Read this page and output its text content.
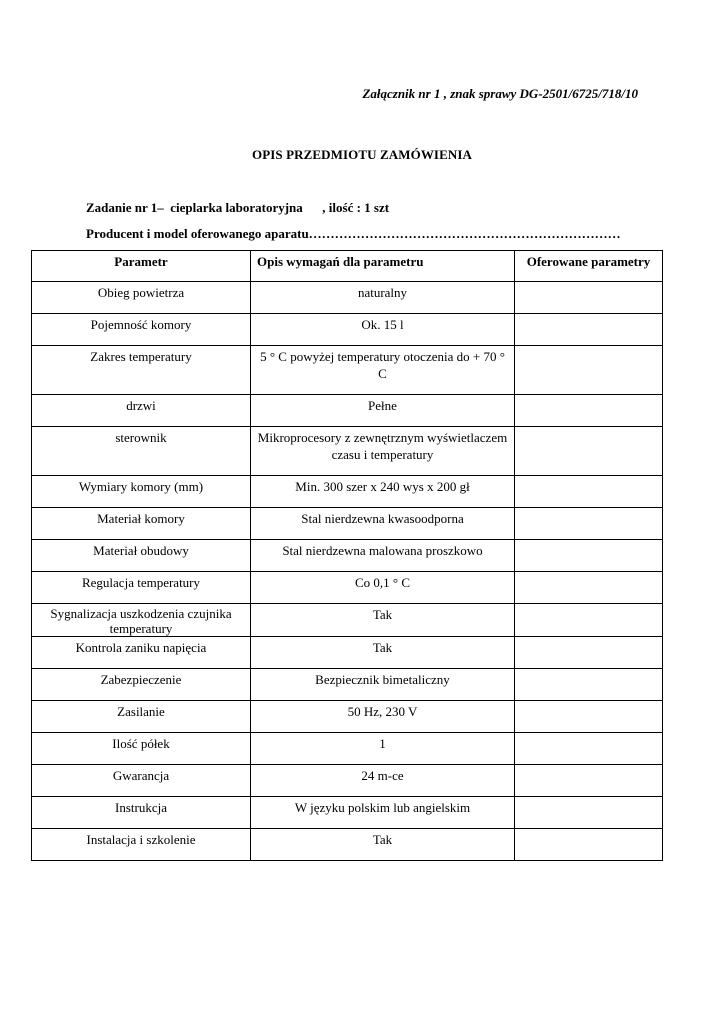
Załącznik nr 1 , znak sprawy DG-2501/6725/718/10
OPIS PRZEDMIOTU ZAMÓWIENIA
Zadanie nr 1–  cieplarka laboratoryjna      , ilość : 1 szt
Producent i model oferowanego aparatu………………………………………………………………
Parametr	Opis wymagań dla parametru	Oferowane parametry
Obieg powietrza	naturalny	
Pojemność komory	Ok. 15 l	
Zakres temperatury	5 ° C powyżej temperatury otoczenia do + 70 ° C	
drzwi	Pełne	
sterownik	Mikroprocesory z zewnętrznym wyświetlaczem czasu i temperatury	
Wymiary komory (mm)	Min. 300 szer x 240 wys x 200 gł	
Materiał komory	Stal nierdzewna kwasoodporna	
Materiał obudowy	Stal nierdzewna malowana proszkowo	
Regulacja temperatury	Co 0,1 ° C	
Sygnalizacja uszkodzenia czujnika temperatury	Tak	
Kontrola zaniku napięcia	Tak	
Zabezpieczenie	Bezpiecznik bimetaliczny	
Zasilanie	50 Hz, 230 V	
Ilość półek	1	
Gwarancja	24 m-ce	
Instrukcja	W języku polskim lub angielskim	
Instalacja i szkolenie	Tak	
